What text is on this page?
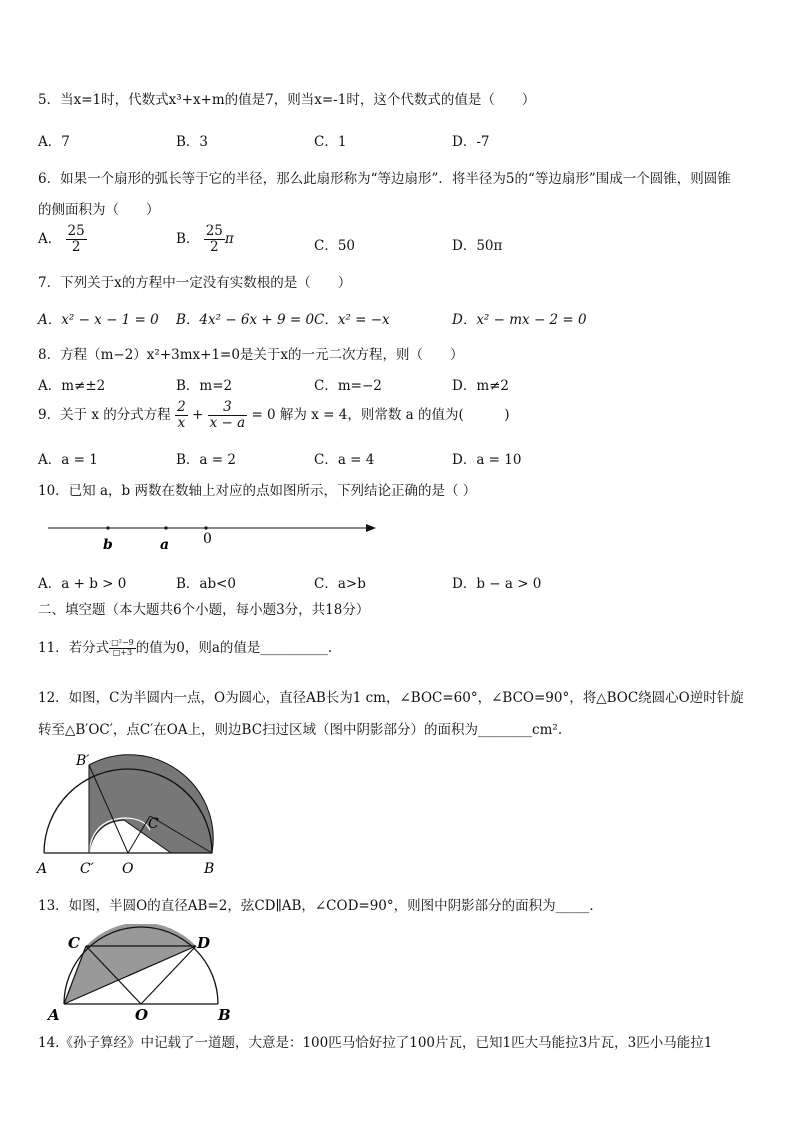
5．当x=1时，代数式x³+x+m的值是7，则当x=-1时，这个代数式的值是（　　）
A．7	B．3	C．1	D．-7
6．如果一个扇形的弧长等于它的半径，那么此扇形称为“等边扇形”．将半径为5的“等边扇形”围成一个圆锥，则圆锥
的侧面积为（　　）
A． $\frac{25}{2}$	B． $\frac{25}{2}$ π	C．50	D．50π
7．下列关于x的方程中一定没有实数根的是（　　）
A．x² − x − 1 = 0 B．4x² − 6x + 9 = 0 C．x² = −x	D．x² − mx − 2 = 0
8．方程（m−2）x²+3mx+1=0是关于x的一元二次方程，则（　　）
A．m≠±2	B．m=2	C．m=−2	D．m≠2
9．关于 x 的分式方程 $\frac{2}{x} + \frac{3}{x - a} = 0$ 解为 x = 4，则常数 a 的值为(　　　)
A．a = 1	B．a = 2	C．a = 4	D．a = 10
10．已知 a，b 两数在数轴上对应的点如图所示，下列结论正确的是（ ）
b	a 0
A．a + b > 0	B．ab<0	C．a>b	D．b − a > 0
二、填空题（本大题共6个小题，每小题3分，共18分）
11．若分式 $\frac{\text{□²−9}}{□+3}$ 的值为0，则a的值是__________.
12．如图，C为半圆内一点，O为圆心，直径AB长为1 cm，∠BOC=60°，∠BCO=90°，将△BOC绕圆心O逆时针旋
转至△B′OC′，点C′在OA上，则边BC扫过区域（图中阴影部分）的面积为________cm².
B′
C
A C′ O	B
13．如图，半圆O的直径AB=2，弦CD∥AB，∠COD=90°，则图中阴影部分的面积为_____．
C	D
A	O	B
14.《孙子算经》中记载了一道题，大意是：100匹马恰好拉了100片瓦，已知1匹大马能拉3片瓦，3匹小马能拉1
